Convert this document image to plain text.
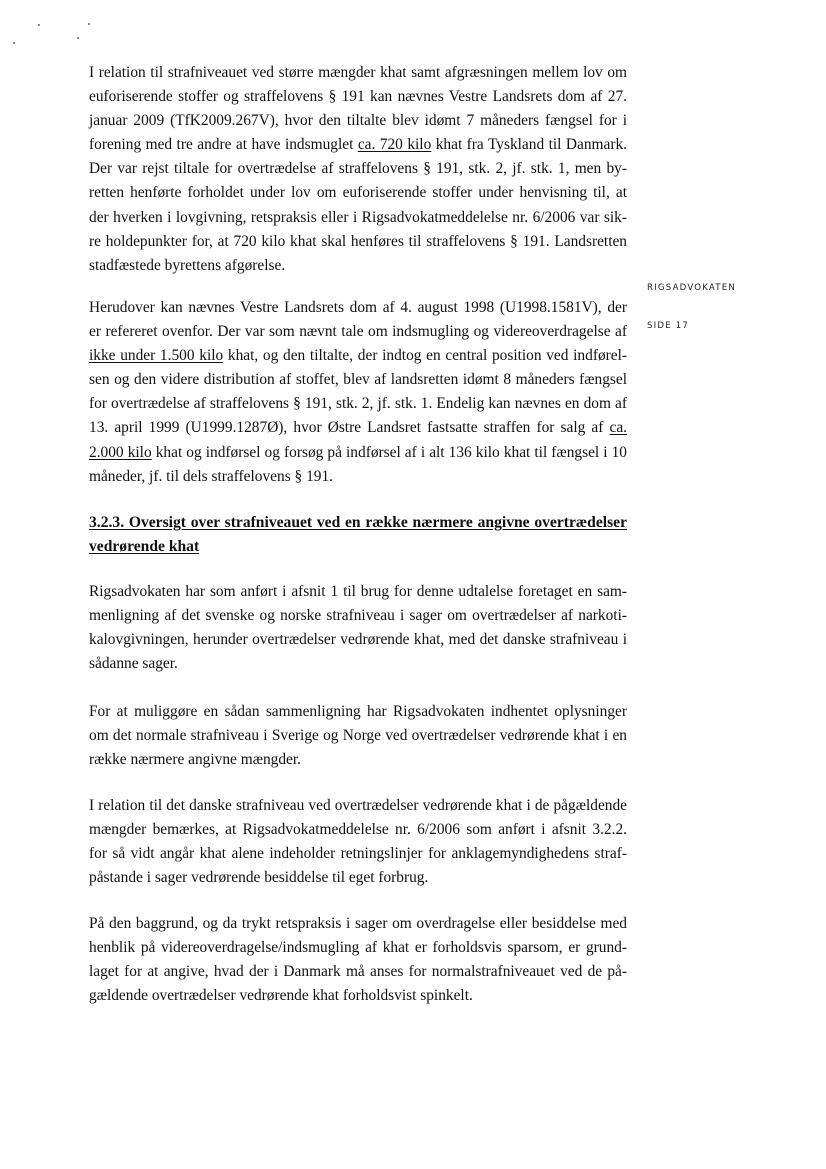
RIGSADVOKATEN
SIDE 17
I relation til strafniveauet ved større mængder khat samt afgræsningen mellem lov om
euforiserende stoffer og straffelovens § 191 kan nævnes Vestre Landsrets dom af 27.
januar 2009 (TfK2009.267V), hvor den tiltalte blev idømt 7 måneders fængsel for i
forening med tre andre at have indsmuglet ca. 720 kilo khat fra Tyskland til Danmark.
Der var rejst tiltale for overtrædelse af straffelovens § 191, stk. 2, jf. stk. 1, men by-
retten henførte forholdet under lov om euforiserende stoffer under henvisning til, at
der hverken i lovgivning, retspraksis eller i Rigsadvokatmeddelelse nr. 6/2006 var sik-
re holdepunkter for, at 720 kilo khat skal henføres til straffelovens § 191. Landsretten
stadfæstede byrettens afgørelse.
Herudover kan nævnes Vestre Landsrets dom af 4. august 1998 (U1998.1581V), der
er refereret ovenfor. Der var som nævnt tale om indsmugling og videreoverdragelse af
ikke under 1.500 kilo khat, og den tiltalte, der indtog en central position ved indførel-
sen og den videre distribution af stoffet, blev af landsretten idømt 8 måneders fængsel
for overtrædelse af straffelovens § 191, stk. 2, jf. stk. 1. Endelig kan nævnes en dom af
13. april 1999 (U1999.1287Ø), hvor Østre Landsret fastsatte straffen for salg af ca.
2.000 kilo khat og indførsel og forsøg på indførsel af i alt 136 kilo khat til fængsel i 10
måneder, jf. til dels straffelovens § 191.
3.2.3. Oversigt over strafniveauet ved en række nærmere angivne overtrædelser
vedrørende khat
Rigsadvokaten har som anført i afsnit 1 til brug for denne udtalelse foretaget en sam-
menligning af det svenske og norske strafniveau i sager om overtrædelser af narkoti-
kalovgivningen, herunder overtrædelser vedrørende khat, med det danske strafniveau i
sådanne sager.
For at muliggøre en sådan sammenligning har Rigsadvokaten indhentet oplysninger
om det normale strafniveau i Sverige og Norge ved overtrædelser vedrørende khat i en
række nærmere angivne mængder.
I relation til det danske strafniveau ved overtrædelser vedrørende khat i de pågældende
mængder bemærkes, at Rigsadvokatmeddelelse nr. 6/2006 som anført i afsnit 3.2.2.
for så vidt angår khat alene indeholder retningslinjer for anklagemyndighedens straf-
påstande i sager vedrørende besiddelse til eget forbrug.
På den baggrund, og da trykt retspraksis i sager om overdragelse eller besiddelse med
henblik på videreoverdragelse/indsmugling af khat er forholdsvis sparsom, er grund-
laget for at angive, hvad der i Danmark må anses for normalstrafniveauet ved de på-
gældende overtrædelser vedrørende khat forholdsvist spinkelt.
